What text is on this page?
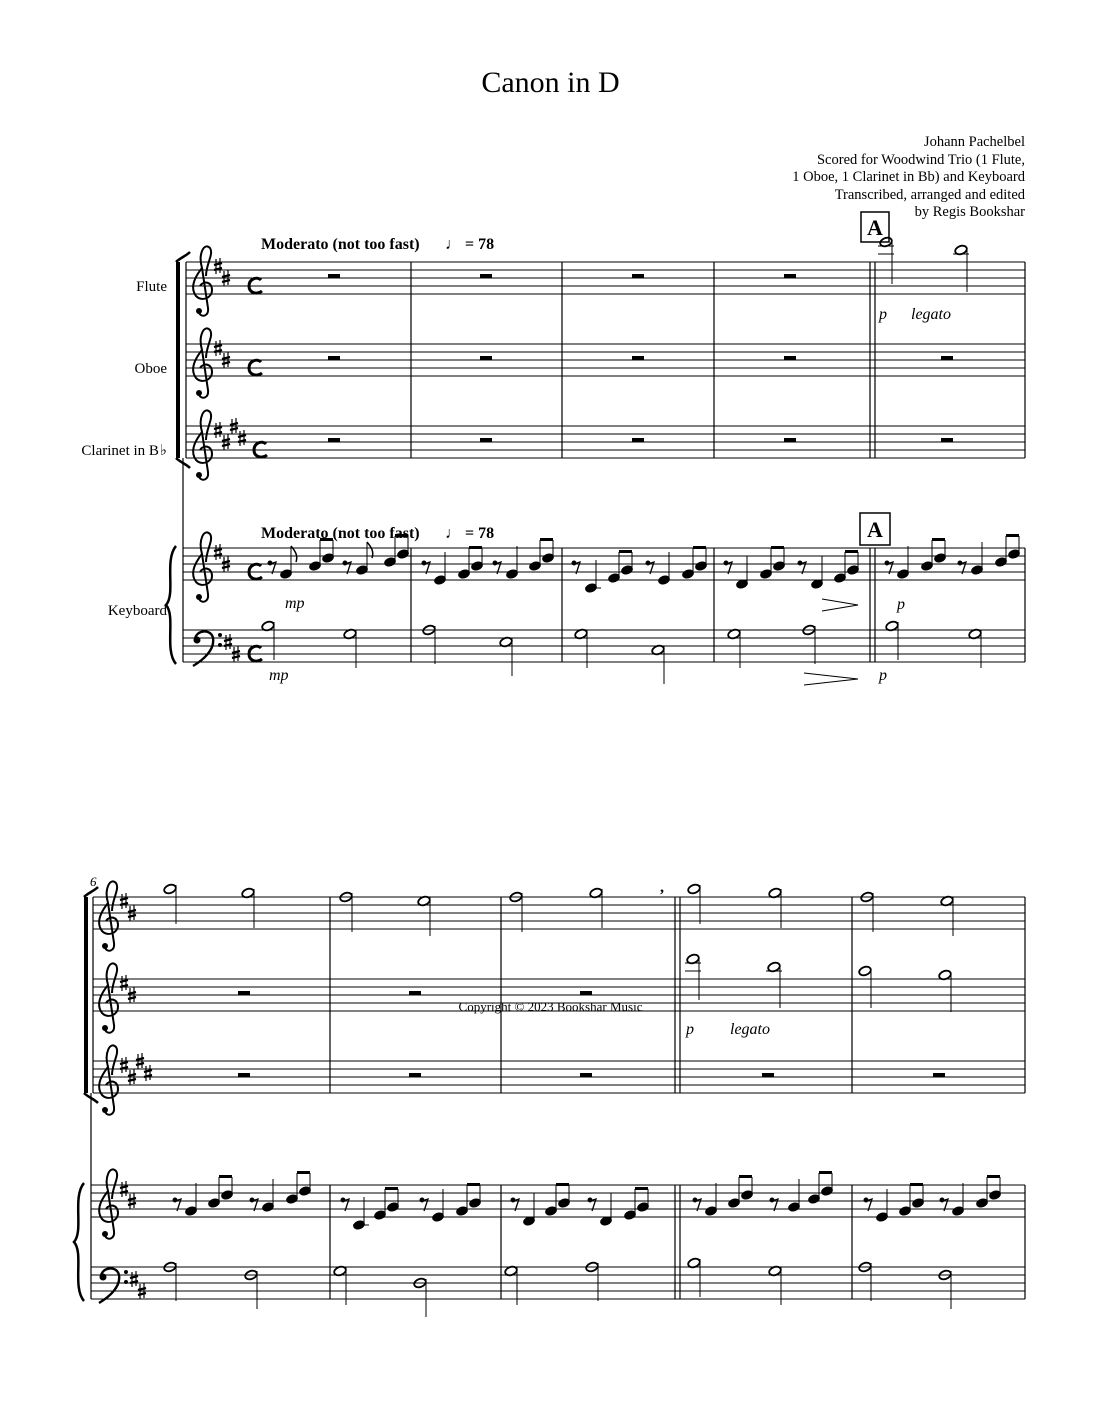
Canon in D
Johann Pachelbel
Scored for Woodwind Trio (1 Flute,
1 Oboe, 1 Clarinet in Bb) and Keyboard
Transcribed, arranged and edited
by Regis Bookshar
Flute
Oboe
Clarinet in B ♭
Keyboard
Moderato (not too fast) ♩ = 78
Moderato (not too fast) ♩ = 78
A
A
p legato
mp
mp
p
p
p legato
6	,
Copyright © 2023 Bookshar Music
